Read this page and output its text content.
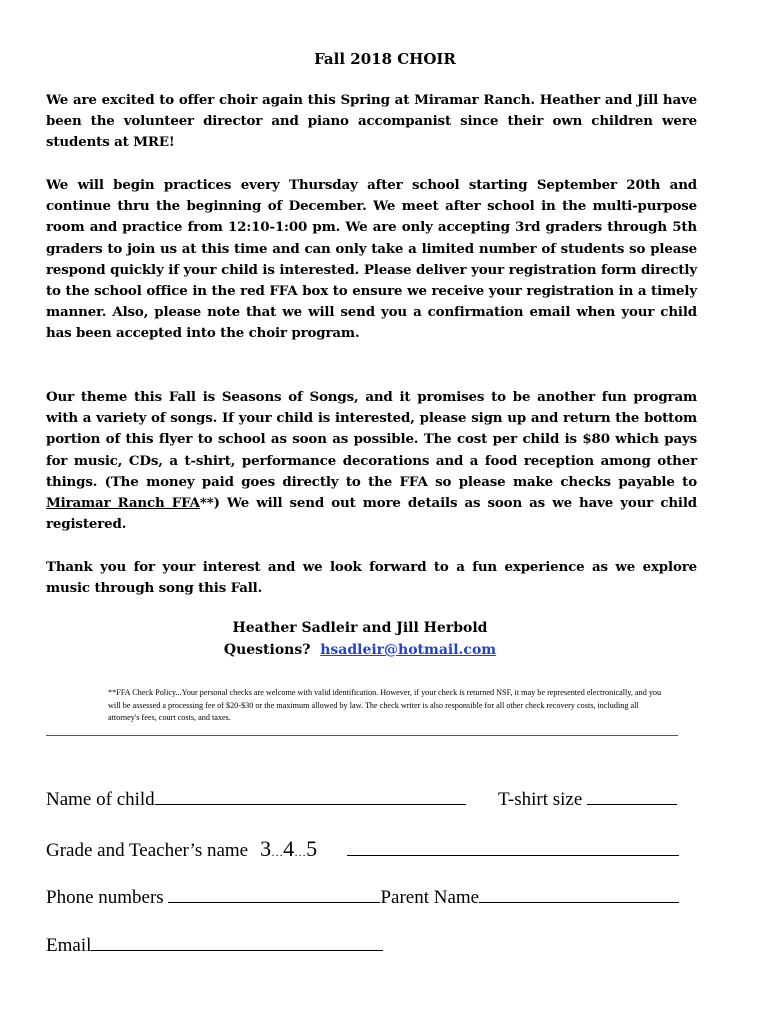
Fall 2018 CHOIR

We are excited to offer choir again this Spring at Miramar Ranch. Heather and Jill have been the volunteer director and piano accompanist since their own children were students at MRE!

We will begin practices every Thursday after school starting September 20th and continue thru the beginning of December. We meet after school in the multi-purpose room and practice from 12:10-1:00 pm. We are only accepting 3rd graders through 5th graders to join us at this time and can only take a limited number of students so please respond quickly if your child is interested. Please deliver your registration form directly to the school office in the red FFA box to ensure we receive your registration in a timely manner. Also, please note that we will send you a confirmation email when your child has been accepted into the choir program.

Our theme this Fall is Seasons of Songs, and it promises to be another fun program with a variety of songs. If your child is interested, please sign up and return the bottom portion of this flyer to school as soon as possible. The cost per child is $80 which pays for music, CDs, a t-shirt, performance decorations and a food reception among other things. (The money paid goes directly to the FFA so please make checks payable to Miramar Ranch FFA**) We will send out more details as soon as we have your child registered.

Thank you for your interest and we look forward to a fun experience as we explore music through song this Fall.

Heather Sadleir and Jill Herbold
Questions? hsadleir@hotmail.com

**FFA Check Policy...Your personal checks are welcome with valid identification. However, if your check is returned NSF, it may be represented electronically, and you will be assessed a processing fee of $20-$30 or the maximum allowed by law. The check writer is also responsible for all other check recovery costs, including all attorney's fees, court costs, and taxes.

Name of child	T-shirt size
Grade and Teacher’s name 3…4…5
Phone numbers	Parent Name
Email
